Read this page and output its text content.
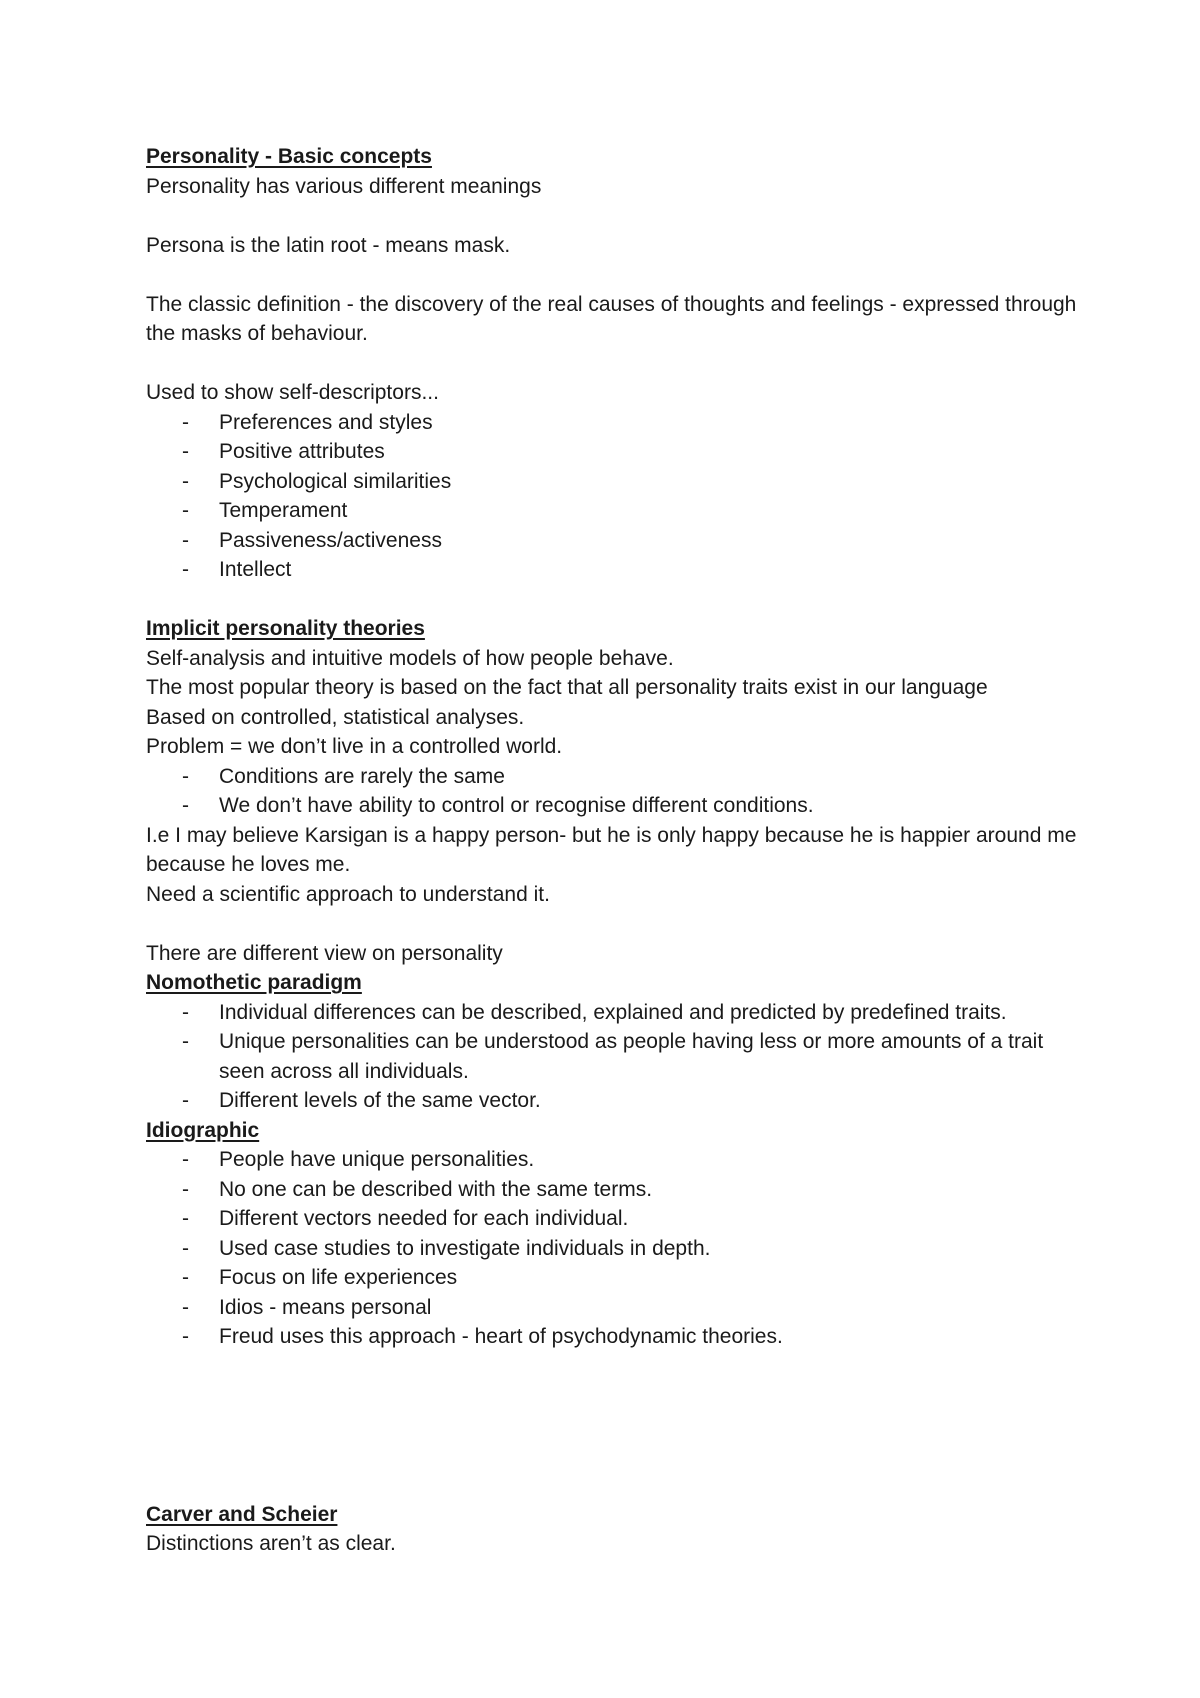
Personality - Basic concepts

Personality has various different meanings

Persona is the latin root - means mask.

The classic definition - the discovery of the real causes of thoughts and feelings - expressed through the masks of behaviour.

Used to show self-descriptors...

- Preferences and styles
- Positive attributes
- Psychological similarities
- Temperament
- Passiveness/activeness
- Intellect

Implicit personality theories

Self-analysis and intuitive models of how people behave.

The most popular theory is based on the fact that all personality traits exist in our language

Based on controlled, statistical analyses.

Problem = we don’t live in a controlled world.

- Conditions are rarely the same
- We don’t have ability to control or recognise different conditions.

I.e I may believe Karsigan is a happy person- but he is only happy because he is happier around me because he loves me.

Need a scientific approach to understand it.

There are different view on personality

Nomothetic paradigm

- Individual differences can be described, explained and predicted by predefined traits.
- Unique personalities can be understood as people having less or more amounts of a trait seen across all individuals.
- Different levels of the same vector.

Idiographic

- People have unique personalities.
- No one can be described with the same terms.
- Different vectors needed for each individual.
- Used case studies to investigate individuals in depth.
- Focus on life experiences
- Idios - means personal
- Freud uses this approach - heart of psychodynamic theories.

Carver and Scheier

Distinctions aren’t as clear.
